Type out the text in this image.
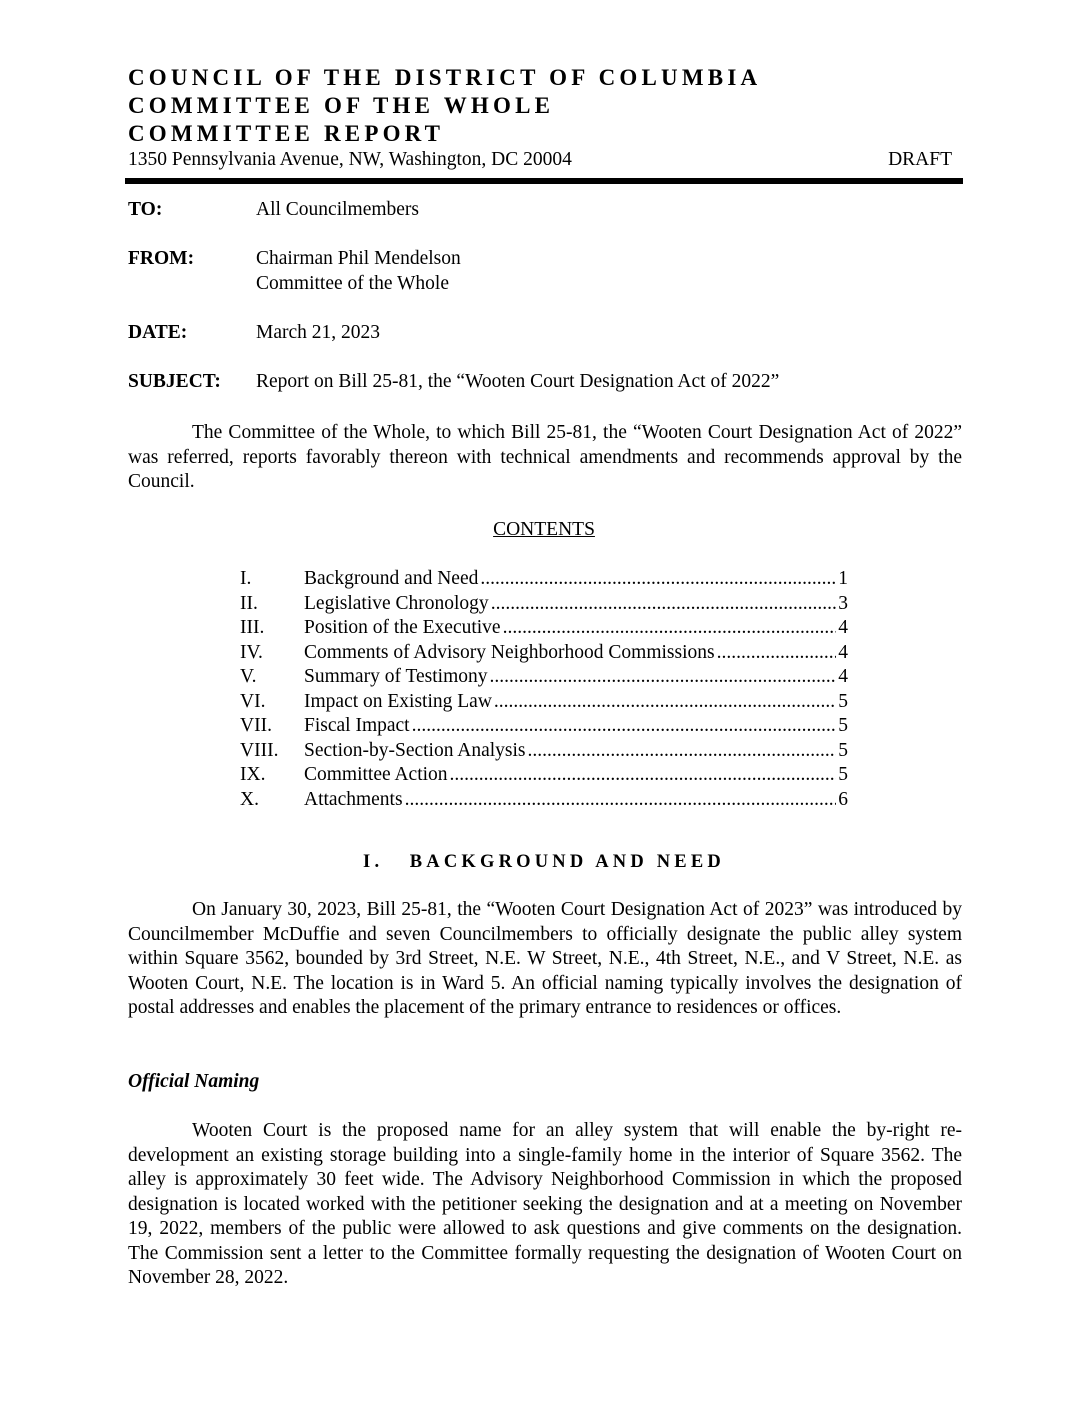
COUNCIL OF THE DISTRICT OF COLUMBIA
COMMITTEE OF THE WHOLE
COMMITTEE REPORT
1350 Pennsylvania Avenue, NW, Washington, DC 20004	DRAFT
TO:	All Councilmembers
FROM:	Chairman Phil Mendelson
Committee of the Whole
DATE:	March 21, 2023
SUBJECT: Report on Bill 25-81, the “Wooten Court Designation Act of 2022”

The Committee of the Whole, to which Bill 25-81, the “Wooten Court Designation Act of 2022” was referred, reports favorably thereon with technical amendments and recommends approval by the Council.

CONTENTS
I.	Background and Need .....	1
II. Legislative Chronology .....	3
III. Position of the Executive .....	4
IV. Comments of Advisory Neighborhood Commissions .....	4
V. Summary of Testimony .....	4
VI. Impact on Existing Law .....	5
VII. Fiscal Impact .....	5
VIII. Section-by-Section Analysis .....	5
IX. Committee Action .....	5
X. Attachments .....	6
I.   BACKGROUND AND NEED

On January 30, 2023, Bill 25-81, the “Wooten Court Designation Act of 2023” was introduced by Councilmember McDuffie and seven Councilmembers to officially designate the public alley system within Square 3562, bounded by 3rd Street, N.E. W Street, N.E., 4th Street, N.E., and V Street, N.E. as Wooten Court, N.E. The location is in Ward 5. An official naming typically involves the designation of postal addresses and enables the placement of the primary entrance to residences or offices.

Official Naming

Wooten Court is the proposed name for an alley system that will enable the by-right re-development an existing storage building into a single-family home in the interior of Square 3562. The alley is approximately 30 feet wide. The Advisory Neighborhood Commission in which the proposed designation is located worked with the petitioner seeking the designation and at a meeting on November 19, 2022, members of the public were allowed to ask questions and give comments on the designation. The Commission sent a letter to the Committee formally requesting the designation of Wooten Court on November 28, 2022.
